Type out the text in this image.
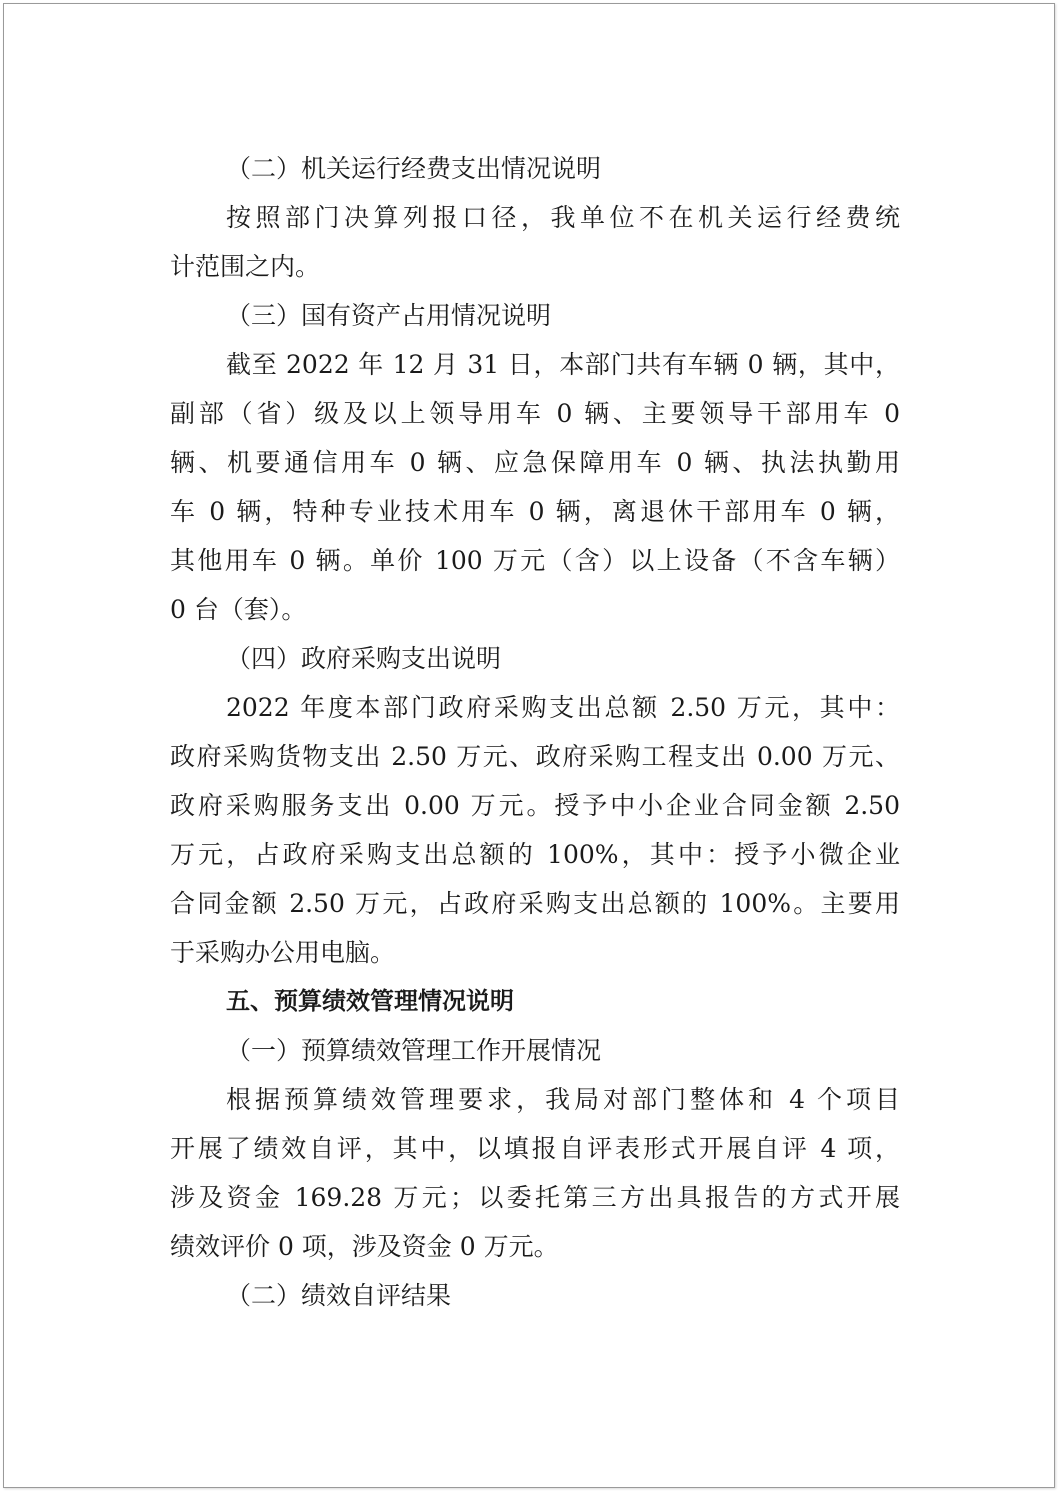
（二）机关运行经费支出情况说明
按照部门决算列报口径，我单位不在机关运行经费统
计范围之内。
（三）国有资产占用情况说明
截至 2022 年 12 月 31 日，本部门共有车辆 0 辆，其中，
副部（省）级及以上领导用车 0 辆、主要领导干部用车 0
辆、机要通信用车 0 辆、应急保障用车 0 辆、执法执勤用
车 0 辆，特种专业技术用车 0 辆，离退休干部用车 0 辆，
其他用车 0 辆。单价 100 万元（含）以上设备（不含车辆）
0 台（套）。
（四）政府采购支出说明
2022 年度本部门政府采购支出总额 2.50 万元，其中：
政府采购货物支出 2.50 万元、政府采购工程支出 0.00 万元、
政府采购服务支出 0.00 万元。授予中小企业合同金额 2.50
万元，占政府采购支出总额的 100%，其中：授予小微企业
合同金额 2.50 万元，占政府采购支出总额的 100%。主要用
于采购办公用电脑。
五、预算绩效管理情况说明
（一）预算绩效管理工作开展情况
根据预算绩效管理要求，我局对部门整体和 4 个项目
开展了绩效自评，其中，以填报自评表形式开展自评 4 项，
涉及资金 169.28 万元；以委托第三方出具报告的方式开展
绩效评价 0 项，涉及资金 0 万元。
（二）绩效自评结果
